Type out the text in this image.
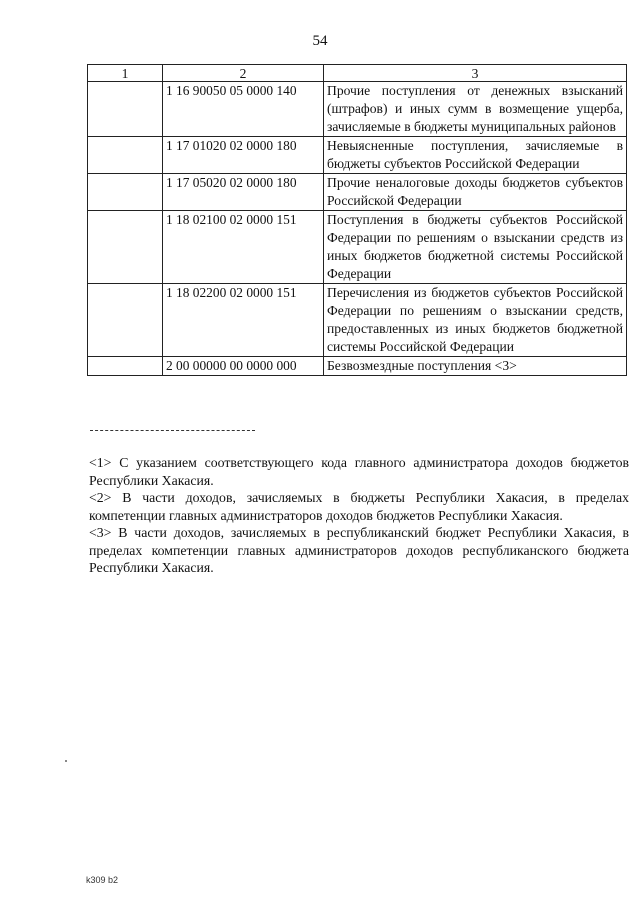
54
1	2	3
	1 16 90050 05 0000 140	Прочие поступления от денежных взысканий (штрафов) и иных сумм в возмещение ущерба, зачисляемые в бюджеты муниципальных районов
	1 17 01020 02 0000 180	Невыясненные поступления, зачисляемые в бюджеты субъектов Российской Федерации
	1 17 05020 02 0000 180	Прочие неналоговые доходы бюджетов субъектов Российской Федерации
	1 18 02100 02 0000 151	Поступления в бюджеты субъектов Российской Федерации по решениям о взыскании средств из иных бюджетов бюджетной системы Российской Федерации
	1 18 02200 02 0000 151	Перечисления из бюджетов субъектов Российской Федерации по решениям о взыскании средств, предоставленных из иных бюджетов бюджетной системы Российской Федерации
	2 00 00000 00 0000 000	Безвозмездные поступления <3>

<1> С указанием соответствующего кода главного администратора доходов бюджетов Республики Хакасия.

<2> В части доходов, зачисляемых в бюджеты Республики Хакасия, в пределах компетенции главных администраторов доходов бюджетов Республики Хакасия.

<3> В части доходов, зачисляемых в республиканский бюджет Республики Хакасия, в пределах компетенции главных администраторов доходов республиканского бюджета Республики Хакасия.

k309 b2
